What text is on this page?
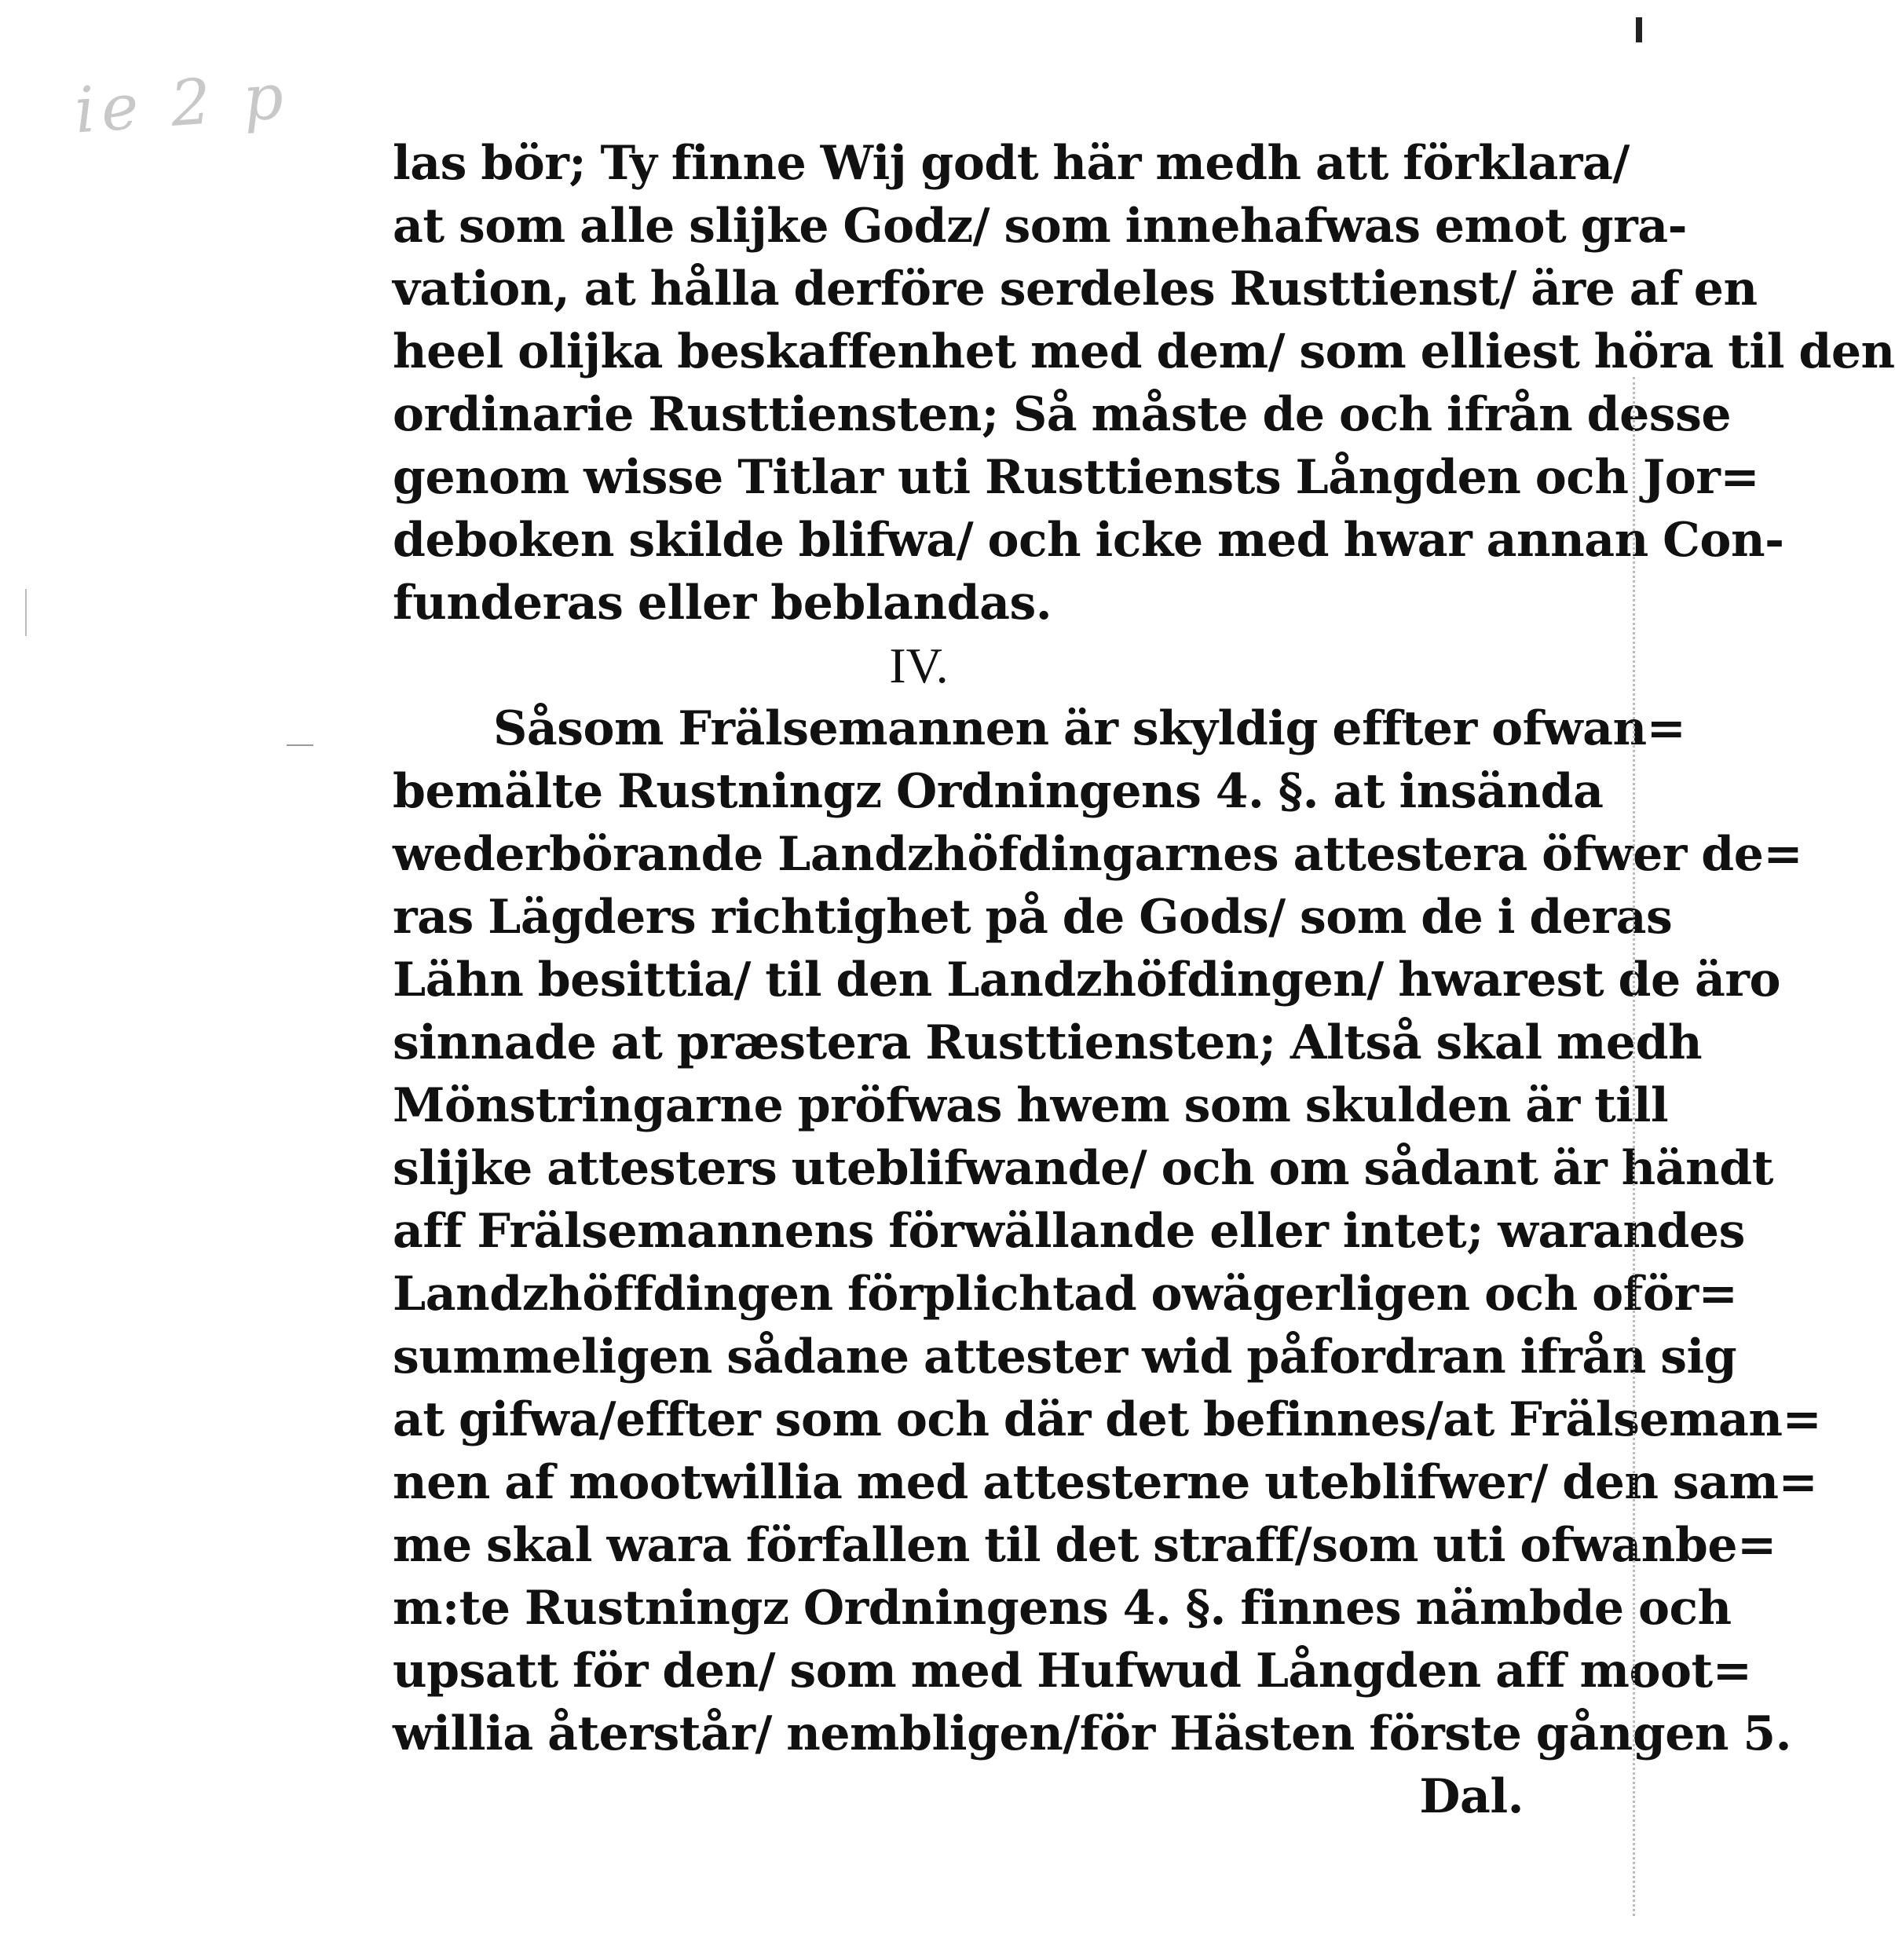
ie 2 p
las bör; Ty finne Wij godt här medh att förklara/
at som alle slijke Godz/ som innehafwas emot gra-
vation, at hålla derföre serdeles Rusttienst/ äre af en
heel olijka beskaffenhet med dem/ som elliest höra til den
ordinarie Rusttiensten; Så måste de och ifrån desse
genom wisse Titlar uti Rusttiensts Långden och Jor=
deboken skilde blifwa/ och icke med hwar annan Con-
funderas eller beblandas.
IV.
Såsom Frälsemannen är skyldig effter ofwan=
bemälte Rustningz Ordningens 4. §. at insända
wederbörande Landzhöfdingarnes attestera öfwer de=
ras Lägders richtighet på de Gods/ som de i deras
Lähn besittia/ til den Landzhöfdingen/ hwarest de äro
sinnade at præstera Rusttiensten; Altså skal medh
Mönstringarne pröfwas hwem som skulden är till
slijke attesters uteblifwande/ och om sådant är händt
aff Frälsemannens förwällande eller intet; warandes
Landzhöffdingen förplichtad owägerligen och oför=
summeligen sådane attester wid påfordran ifrån sig
at gifwa/effter som och där det befinnes/at Frälseman=
nen af mootwillia med attesterne uteblifwer/ den sam=
me skal wara förfallen til det straff/som uti ofwanbe=
m:te Rustningz Ordningens 4. §. finnes nämbde och
upsatt för den/ som med Hufwud Långden aff moot=
willia återstår/ nembligen/för Hästen förste gången 5.
Dal.
